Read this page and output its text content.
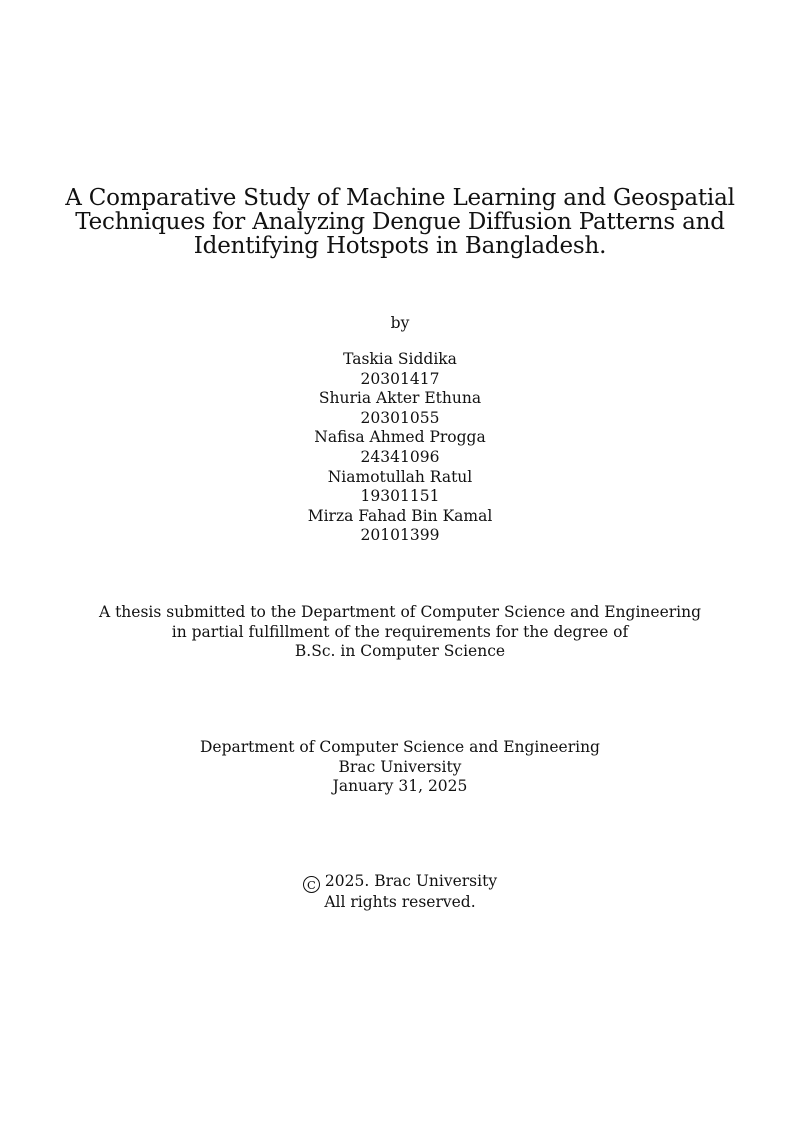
A Comparative Study of Machine Learning and Geospatial
Techniques for Analyzing Dengue Diffusion Patterns and
Identifying Hotspots in Bangladesh.
by
Taskia Siddika
20301417
Shuria Akter Ethuna
20301055
Nafisa Ahmed Progga
24341096
Niamotullah Ratul
19301151
Mirza Fahad Bin Kamal
20101399
A thesis submitted to the Department of Computer Science and Engineering
in partial fulfillment of the requirements for the degree of
B.Sc. in Computer Science
Department of Computer Science and Engineering
Brac University
January 31, 2025
C 2025. Brac University
All rights reserved.
